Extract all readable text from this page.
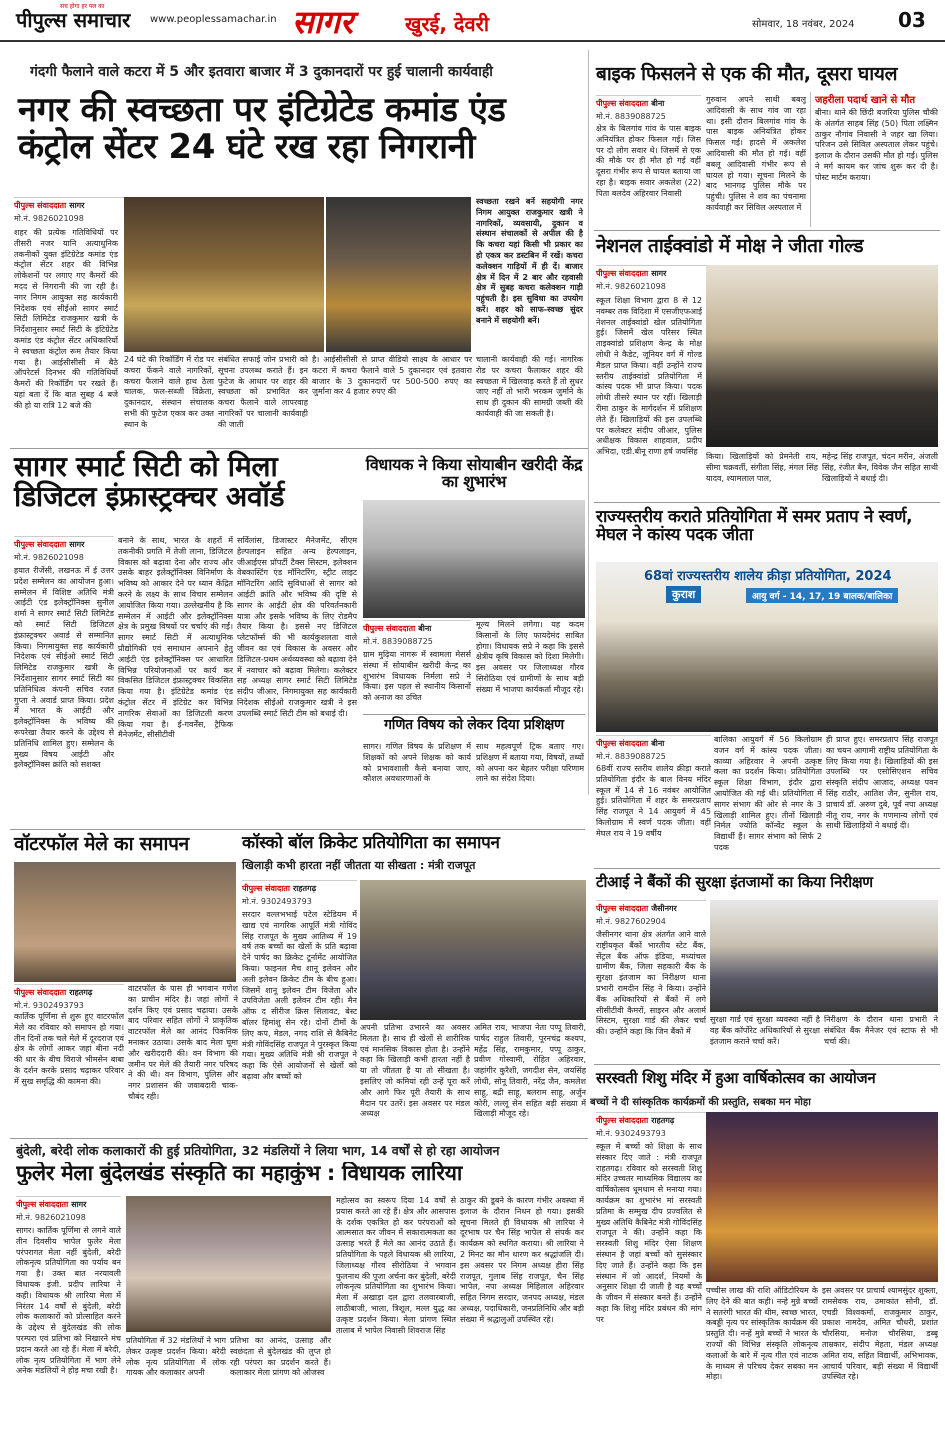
पीपुल्स समाचार
सच होगा हर पल का
www.peoplessamachar.in सागर	खुरई, देवरी	सोमवार, 18 नवंबर, 2024 03
गंदगी फैलाने वाले कटरा में 5 और इतवारा बाजार में 3 दुकानदारों पर हुई चालानी कार्यवाही
नगर की स्वच्छता पर इंटिग्रेटेड कमांड एंड कंट्रोल सेंटर 24 घंटे रख रहा निगरानी
पीपुल्स संवाददाता सागर
मो.नं. 9826021098
शहर की प्रत्येक गतिविधियों पर तीसरी नजर यानि अत्याधुनिक तकनीकों युक्त इंटिग्रेटेड कमांड एंड कंट्रोल सेंटर शहर की विभिन्न लोकेशनों पर लगाए गए कैमरों की मदद से निगरानी की जा रही है। नगर निगम आयुक्त सह कार्यकारी निदेशक एवं सीईओ सागर स्मार्ट सिटी लिमिटेड राजकुमार खत्री के निर्देशानुसार स्मार्ट सिटी के इंटिग्रेटेड कमांड एंड कंट्रोल सेंटर अधिकारियों ने स्वच्छता कंट्रोल रूम तैयार किया गया है। आईसीसीसी में बैठे ऑपरेटर्स दिनभर की गतिविधियों कैमरों की रिकॉर्डिंग पर रखते हैं। यहां बता दें कि बात सुबह 4 बजे की हो या रात्रि 12 बजे की
स्वच्छता रखने बनें सहयोगी नगर निगम आयुक्त राजकुमार खत्री ने नागरिकों, व्यवसायी, दुकान व संस्थान संचालकों से अपील की है कि कचरा यहां किसी भी प्रकार का हो एकत्र कर डस्टबिन में रखें। कचरा कलेक्शन गाड़ियों में ही दें। बाजार क्षेत्र में दिन में 2 बार और रहवासी क्षेत्र में सुबह कचरा कलेक्शन गाड़ी पहुंचती है। इस सुविधा का उपयोग करें। शहर को साफ-स्वच्छ सुंदर बनाने में सहयोगी बनें।
24 घंटे की रिकॉर्डिंग में रोड पर कचरा फेंकने वाले नागरिकों, कचरा फैलाने वाले हाथ ठेला चालक, फल-सब्जी विक्रेता, दुकानदार, संस्थान संचालक सभी की फुटेज एकत्र कर उक्त स्थान के
संबंधित सफाई जोन प्रभारी को सूचना उपलब्ध कराते हैं। इन फुटेज के आधार पर शहर की स्वच्छता को प्रभावित कर कचरा फैलाने वाले लापरवाह नागरिकों पर चालानी कार्यवाही की जाती
है। आईसीसीसी से प्राप्त वीडियो साक्ष्य के आधार पर कटरा में कचरा फैलाने वाले 5 दुकानदार एवं इतवारा बाजार के 3 दुकानदारों पर 500-500 रुपए का जुर्माना कर 4 हजार रुपए की
चालानी कार्यवाही की गई। नागरिक रोड पर कचरा फैलाकर शहर की स्वच्छता में खिलवाड़ करते हैं तो सुधर जाए नहीं तो भारी भरकम जुर्माने के साथ ही दुकान की सामग्री जब्ती की कार्यवाही की जा सकती है।
बाइक फिसलने से एक की मौत, दूसरा घायल
पीपुल्स संवाददाता बीना
मो.नं. 8839088725
क्षेत्र के बिलगांव गांव के पास बाइक अनियंत्रित होकर फिसल गई। जिस पर दो लोग सवार थे। जिसमें से एक की मौके पर ही मौत हो गई वहीं दूसरा गंभीर रूप से घायल बताया जा रहा है। बाइक सवार अकलेश (22) पिता बलदेव अहिरवार निवासी
गुरुवान अपने साथी बबलू आदिवासी के साथ गांव जा रहा था। इसी दौरान बिलगांव गांव के पास बाइक अनियंत्रित होकर फिसल गई। हादसे में अकलेश आदिवासी की मौत हो गई। वहीं बबलू आदिवासी गंभीर रूप से घायल हो गया। सूचना मिलने के बाद भानगढ़ पुलिस मौके पर पहुंची। पुलिस ने शव का पंचनामा कार्यवाही कर सिविल अस्पताल में
जहरीला पदार्थ खाने से मौत
बीना। थाने की छिंदी बजरिया पुलिस चौकी के अंतर्गत साहब सिंह (50) पिता लक्ष्मिन ठाकुर नौगांव निवासी ने जहर खा लिया। परिजन उसे सिविल अस्पताल लेकर पहुंचे। इलाज के दौरान उसकी मौत हो गई। पुलिस ने मर्ग कायम कर जांच शुरू कर दी है। पोस्ट मार्टम कराया।
नेशनल ताईक्वांडो में मोक्ष ने जीता गोल्ड
पीपुल्स संवाददाता सागर
मो.नं. 9826021098
स्कूल शिक्षा विभाग द्वारा 8 से 12 नवम्बर तक विदिशा में एसजीएफआई नेशनल ताईक्वांडो खेल प्रतियोगिता हुई। जिसमें खेल परिसर स्थित ताइक्वांडो प्रशिक्षण केन्द्र के मोक्ष लोधी ने कैडेट, जूनियर वर्ग में गोल्ड मैडल प्राप्त किया। वहीं उन्होंने राज्य स्तरीय ताईक्वांडो प्रतियोगिता में कांस्य पदक भी प्राप्त किया। पदक लोधी तीसरे स्थान पर रहीं। खिलाड़ी रीमा ठाकुर के मार्गदर्शन में प्रशिक्षण लेते हैं। खिलाड़ियों की इस उपलब्धि पर कलेक्टर संदीप जीआर, पुलिस अधीक्षक विकास शाहवाल, प्रदीप अभिदा, एडी.बीनू राणा हर्ष जयसिंह
किया। खिलाड़ियों को प्रेमनेती राय, सीमा चक्रवर्ती, संगीता सिंह, मंगल सिंह यादव, श्यामलाल पाल,
महेन्द्र सिंह राजपूत, चंदन मरीन, अंजली सिंह, रंजीत बैन, विवेक जैन सहित साथी खिलाड़ियों ने बधाई दी।
सागर स्मार्ट सिटी को मिला डिजिटल इंफ्रास्ट्रक्चर अवॉर्ड
पीपुल्स संवाददाता सागर
मो.नं. 9826021098
हयात रीजेंसी, लखनऊ में ई उत्तर प्रदेश सम्मेलन का आयोजन हुआ। सम्मेलन में विशिष्ट अतिथि मंत्री आईटी एंड इलेक्ट्रॉनिक्स सुनील शर्मा ने सागर स्मार्ट सिटी लिमिटेड को स्मार्ट सिटी डिजिटल इंफ्रास्ट्रक्चर अवार्ड से सम्मानित किया। निगमायुक्त सह कार्यकारी निदेशक एवं सीईओ स्मार्ट सिटी लिमिटेड राजकुमार खत्री के निर्देशानुसार सागर स्मार्ट सिटी का प्रतिनिधित्व कंपनी सचिव रजत गुप्ता ने अवार्ड प्राप्त किया। प्रदेश में भारत के आईटी और इलेक्ट्रॉनिक्स के भविष्य की रूपरेखा तैयार करने के उद्देश्य से प्रतिनिधि शामिल हुए। सम्मेलन के मुख्य विषय आईटी और इलेक्ट्रॉनिक्स क्रांति को सशक्त
बनाने के साथ, भारत के शहरों में तकनीकी प्रगति में तेजी लाना, डिजिटल विकास को बढ़ावा देना और राज्य और उसके बाहर इलेक्ट्रॉनिक्स विनिर्माण के भविष्य को आकार देने पर ध्यान केंद्रित करने के लक्ष्य के साथ विचार सम्मेलन आयोजित किया गया। उल्लेखनीय है कि सम्मेलन में आईटी और इलेक्ट्रॉनिक्स क्षेत्र के प्रमुख विषयों पर चर्चाएं की गईं। सागर स्मार्ट सिटी में अत्याधुनिक प्रौद्योगिकी एवं समाधान अपनाने हेतु आईटी एंड इलेक्ट्रॉनिक्स पर आधारित विभिन्न परियोजनाओं पर कार्य कर विकसित डिजिटल इंफ्रास्ट्रक्चर विकसित किया गया है। इंटिग्रेटेड कमांड एंड कंट्रोल सेंटर में इंटिग्रेट कर विभिन्न नागरिक सेवाओं का डिजिटली करण किया गया है। ई-गवर्नेंस, ट्रैफिक मैनेजमेंट, सीसीटीवी
सर्विलांस, डिजास्टर मैनेजमेंट, सीएम हेल्पलाइन सहित अन्य हेल्पलाइन, जीआईएस प्रॉपर्टी टैक्स सिस्टम, इलेक्शन वेबकास्टिंग एंड मॉनिटरिंग, स्ट्रीट लाइट मॉनिटरिंग आदि सुविधाओं से सागर को आईटी क्रांति और भविष्य की दृष्टि से सागर के आईटी क्षेत्र की परिवर्तनकारी यात्रा और इसके भविष्य के लिए रोडमैप तैयार किया है। इससे नए डिजिटल प्लेटफॉर्म्स की भी कार्यकुशलता वाले जीवन का एवं विकास के अवसर और डिजिटल-प्रथम अर्थव्यवस्था को बढ़ावा देने में नवाचार को बढ़ावा मिलेगा। कलेक्टर सह अध्यक्ष सागर स्मार्ट सिटी लिमिटेड संदीप जीआर, निगमायुक्त सह कार्यकारी निदेशक सीईओ राजकुमार खत्री ने इस उपलब्धि स्मार्ट सिटी टीम को बधाई दी।
विधायक ने किया सोयाबीन खरीदी केंद्र का शुभारंभ
पीपुल्स संवाददाता बीना
मो.नं. 8839088725
ग्राम मुढ़िया नागरू में स्वामला मेसर्स संस्था में सोयाबीन खरीदी केन्द्र का शुभारंभ विधायक निर्मला सप्रे ने किया। इस पहल से स्थानीय किसानों को अनाज का उचित
मूल्य मिलने लगेगा। यह कदम किसानों के लिए फायदेमंद साबित होगा। विधायक सप्रे ने कहा कि इससे क्षेत्रीय कृषि विकास को दिशा मिलेगी। इस अवसर पर जिलाध्यक्ष गौरव सिरोठिया एवं ग्रामीणों के साथ बड़ी संख्या में भाजपा कार्यकर्ता मौजूद रहे।
गणित विषय को लेकर दिया प्रशिक्षण
सागर। गणित विषय के प्रशिक्षण में शिक्षकों को अपने शिक्षक को कार्य को प्रभावशाली कैसे बनाया जाए, कौशल अवधारणाओं के
साथ महत्वपूर्ण ट्रिक बताए गए। प्रशिक्षण में बताया गया, विषयों, तथ्यों को अपना कर बेहतर परीक्षा परिणाम लाने का संदेश दिया।
राज्यस्तरीय कराते प्रतियोगिता में समर प्रताप ने स्वर्ण, मेघल ने कांस्य पदक जीता
68वां राज्यस्तरीय शालेय क्रीड़ा प्रतियोगिता, 2024
कुराश	आयु वर्ग - 14, 17, 19 बालक/बालिका
पीपुल्स संवाददाता बीना
मो.नं. 8839088725
68वीं राज्य स्तरीय शालेय क्रीड़ा कराते प्रतियोगिता इंदौर के बाल विनय मंदिर स्कूल में 14 से 16 नवंबर आयोजित हुई। प्रतियोगिता में शहर के समरप्रताप सिंह राजपूत ने 14 आयुवर्ग में 45 किलोग्राम में स्वर्ण पदक जीता। वहीं मेघल राय ने 19 वर्षीय
बालिका आयुवर्ग में 56 किलोग्राम वजन वर्ग में कांस्य पदक जीता। काव्या अहिरवार ने अपनी उत्कृष्ट कला का प्रदर्शन किया। प्रतियोगिता स्कूल शिक्षा विभाग, इंदौर द्वारा आयोजित की गई थी। प्रतियोगिता में सागर संभाग की ओर से नगर के 3 खिलाड़ी शामिल हुए। तीनों खिलाड़ी निर्मल ज्योति कॉन्वेंट स्कूल के विद्यार्थी हैं। सागर संभाग को सिर्फ 2 पदक
ही प्राप्त हुए। समरप्रताप सिंह राजपूत का चयन आगामी राष्ट्रीय प्रतियोगिता के लिए किया गया है। खिलाड़ियों की इस उपलब्धि पर एसोसिएशन सचिव संस्कृति संदीप आजाद, अध्यक्ष पवन सिंह राठौर, आतिश जैन, सुनील राय, प्राचार्य डॉ. अरुण दुबे, पूर्व नपा अध्यक्ष नीतू राय, नगर के गणमान्य लोगों एवं साथी खिलाड़ियों ने बधाई दी।
वॉटरफॉल मेले का समापन
पीपुल्स संवाददाता राहतगढ़
मो.नं. 9302493793
कार्तिक पूर्णिमा से शुरू हुए वाटरफॉल मेले का रविवार को समापन हो गया। तीन दिनों तक चले मेले में दूरदराज एवं क्षेत्र के लोगों आकर जहां बीना नदी की धार के बीच विराजे भीमसेन बाबा के दर्शन करके प्रसाद चढ़ाकर परिवार में सुख समृद्धि की कामना की।
वाटरफॉल के पास ही भगवान गणेश का प्राचीन मंदिर है। जहां लोगों ने दर्शन किए एवं प्रसाद चढ़ाया। उसके बाद परिवार सहित लोगों ने प्राकृतिक वाटरफॉल मेले का आनंद पिकनिक मनाकर उठाया। उसके बाद मेला घूमा और खरीददारी की। वन विभाग की जमीन पर मेले की तैयारी नगर परिषद ने की थी। वन विभाग, पुलिस और नगर प्रशासन की जवाबदारी चाक-चौबंद रही।
कॉस्को बॉल क्रिकेट प्रतियोगिता का समापन
खिलाड़ी कभी हारता नहीं जीतता या सीखता : मंत्री राजपूत
पीपुल्स संवादाता राहतगढ़
मो.नं. 9302493793
सरदार वल्लभभाई पटेल स्टेडियम में खाद्य एवं नागरिक आपूर्ति मंत्री गोविंद सिंह राजपूत के मुख्य आतिथ्य में 19 वर्ष तक बच्चों का खेलों के प्रति बढ़ावा देने पार्षद का क्रिकेट टूर्नामेंट आयोजित किया। फाइनल मैच शानू इलेवन और अली इलेवन क्रिकेट टीम के बीच हुआ। जिसमें शानू इलेवन टीम विजेता और उपविजेता अली इलेवन टीम रही। मैन ऑफ द सीरीज क्रिस सिलावट, बेस्ट बॉलर हिमांशु सेन रहे। दोनों टीमों के लिए कप, मेडल, नगद राशि से कैबिनेट मंत्री गोविंदसिंह राजपूत ने पुरस्कृत किया गया। मुख्य अतिथि मंत्री श्री राजपूत ने कहा कि ऐसे आयोजनों से खेलों को बढ़ावा और बच्चों को
अपनी प्रतिभा उभारने का अवसर मिलता है। साथ ही खेलों से शारीरिक एवं मानसिक विकास होता है। उन्होंने कहा कि खिलाड़ी कभी हारता नहीं है या तो जीतता है या तो सीखता है। इसलिए जो कमियां रही उन्हें पूरा करें और आगे फिर पूरी तैयारी के साथ मैदान पर उतरें। इस अवसर पर मंडल अध्यक्ष
अमित राय, भाजपा नेता पप्पू तिवारी, पार्षद राहुल तिवारी, पूरनचंद्र कश्यप, महेंद्र सिंह, रामकुमार, पप्पू ठाकुर, प्रवीण गोस्वामी, रोहित अहिरवार, जहांगीर कुरैशी, जगदीश सेन, जयसिंह लोधी, सोनू तिवारी, नरेंद्र जैन, कमलेश साहू, बद्री साहू, बलराम साहू, अर्जुन कोरी, लल्लू सेन सहित बड़ी संख्या में खिलाड़ी मौजूद रहे।
टीआई ने बैंकों की सुरक्षा इंतजामों का किया निरीक्षण
पीपुल्स संवाददाता जैसीनगर
मो.नं. 9827602904
जैसीनगर थाना क्षेत्र अंतर्गत आने वाले राष्ट्रीयकृत बैंकों भारतीय स्टेट बैंक, सेंट्रल बैंक ऑफ इंडिया, मध्यांचल ग्रामीण बैंक, जिला सहकारी बैंक के सुरक्षा इंतजाम का निरीक्षण थाना प्रभारी रामदीन सिंह ने किया। उन्होंने बैंक अधिकारियों से बैंकों में लगे सीसीटीवी कैमरों, साइरन और अलार्म सिस्टम, सुरक्षा गार्ड की लेकर चर्चा की। उन्होंने कहा कि जिन बैंकों में
सुरक्षा गार्ड एवं सुरक्षा व्यवस्था नहीं है वह बैंक कॉर्पोरेट अधिकारियों से सुरक्षा इंतजाम कराने चर्चा करें।
निरीक्षण के दौरान थाना प्रभारी ने संबंधित बैंक मैनेजर एवं स्टाफ से भी चर्चा की।
सरस्वती शिशु मंदिर में हुआ वार्षिकोत्सव का आयोजन
बच्चों ने दी सांस्कृतिक कार्यक्रमों की प्रस्तुति, सबका मन मोहा
पीपुल्स संवाददाता राहतगढ़
मो.नं. 9302493793
स्कूल में बच्चों को शिक्षा के साथ संस्कार दिए जाते : मंत्री राजपूत राहतगढ़। रविवार को सरस्वती शिशु मंदिर उच्चतर माध्यमिक विद्यालय का वार्षिकोत्सव धूमधाम से मनाया गया। कार्यक्रम का शुभारंभ मां सरस्वती प्रतिमा के सम्मुख दीप प्रज्वलित से मुख्य अतिथि कैबिनेट मंत्री गोविंदसिंह राजपूत ने की। उन्होंने कहा कि सरस्वती शिशु मंदिर ऐसा शिक्षण संस्थान है जहां बच्चों को सुसंस्कार दिए जाते हैं। उन्होंने कहा कि इस संस्थान में जो आदर्श, नियमों के अनुसार शिक्षा दी जाती है वह बच्चों के जीवन में संस्कार बनते हैं। उन्होंने कहा कि शिशु मंदिर प्रबंधन की मांग पर
पच्चीस लाख की राशि ऑडिटोरियम के लिए देने की बात कही। नन्हे मुन्ने बच्चों ने सतरंगी भारत की थीम, स्वच्छ भारत, कबड्डी नृत्य पर सांस्कृतिक कार्यक्रम की प्रस्तुति दी। नन्हें मुन्ने बच्चों ने भारत के राज्यों की विभिन्न संस्कृति लोकनृत्य कलाओं के बारे में नृत्य गीत एवं नाटक के माध्यम से परिचय देकर सबका मन मोहा।
इस अवसर पर प्राचार्य श्यामसुंदर शुक्ला, रामसेवक राय, उमाकांत सोनी, डॉ. एचडी विश्वकर्मा, राजकुमार ठाकुर, प्रकाश नामदेव, अमित चौधरी, प्रशांत चौरसिया, मनोज चौरसिया, डब्बू ताम्रकार, संदीप मेहता, मंडल अध्यक्ष अमित राय, सहित विद्यार्थी, अभिभावक, आचार्य परिवार, बड़ी संख्या में विद्यार्थी उपस्थित रहे।
बुंदेली, बरेदी लोक कलाकारों की हुई प्रतियोगिता, 32 मंडलियों ने लिया भाग, 14 वर्षों से हो रहा आयोजन
फुलेर मेला बुंदेलखंड संस्कृति का महाकुंभ : विधायक लारिया
पीपुल्स संवाददाता सागर
मो.नं. 9826021098
सागर। कार्तिक पूर्णिमा से लगने वाले तीन दिवसीय भापेल फुलेर मेला परंपरागत मेला नहीं बुंदेली, बरेदी लोकनृत्य प्रतियोगिता का पर्याय बन गया है। उक्त बात नरयावली विधायक इंजी. प्रदीप लारिया ने कही। विधायक श्री लारिया मेला में निरंतर 14 वर्षों से बुंदेली, बरेदी लोक कलाकारों को प्रोत्साहित करने के उद्देश्य से बुंदेलखंड की लोक परम्परा एवं प्रतिभा को निखारने मंच प्रदान करते आ रहे हैं। मेला में बरेदी, लोक नृत्य प्रतियोगिता में भाग लेने अनेक मंडलियों ने होड़ मचा रखी है।
प्रतियोगिता में 32 मंडलियों ने भाग लेकर उत्कृष्ट प्रदर्शन किया। बरेदी लोक नृत्य प्रतियोगिता में लोक गायक और कलाकार अपनी
प्रतिभा का आनंद, उत्साह और स्वछंदता से बुंदेलखंड की लुप्त हो रही परंपरा का प्रदर्शन करते हैं। कलाकार मेला प्रांगण को ओजस्व
महोत्सव का स्वरूप दिया 14 वर्षों से प्रयास करते आ रहे हैं। क्षेत्र और आसपास के दर्शक एकत्रित हो कर परंपराओं को आत्मसात कर जीवन में सकारात्मकता का उत्साह भरते हैं मेले का आनंद उठाते हैं। प्रतियोगिता के पहले विधायक श्री लारिया, जिलाध्यक्ष गौरव सीरोठिया ने भगवान फुलनाथ की पूजा अर्चना कर बुंदेली, बरेदी लोकनृत्य प्रतियोगिता का शुभारंभ किया। मेला में अखाड़ा दल द्वारा तलवारबाजी, लाठीबाजी, भाला, त्रिशूल, मल्ल युद्ध का उत्कृष्ट प्रदर्शन किया। मेला प्रांगण स्थित तालाब में भापेल निवासी शिवराज सिंह
ठाकुर की डूबने के कारण गंभीर अवस्था में इलाज के दौरान निधन हो गया। इसकी सूचना मिलते ही विधायक श्री लारिया ने दूरभाष पर चैन सिंह भापेल से संपर्क कर कार्यक्रम को स्थगित कराया। श्री लारिया ने 2 मिनट का मौन धारण कर श्रद्धांजलि दी। इस अवसर पर निगम अध्यक्ष हीरा सिंह राजपूत, गुलाब सिंह राजपूत, चैन सिंह भापेल, नपा अध्यक्ष मिहिलाल अहिरवार सहित निगम सरदार, जनपद अध्यक्ष, मंडल अध्यक्ष, पदाधिकारी, जनप्रतिनिधि और बड़ी संख्या में श्रद्धालुओं उपस्थित रहे।
